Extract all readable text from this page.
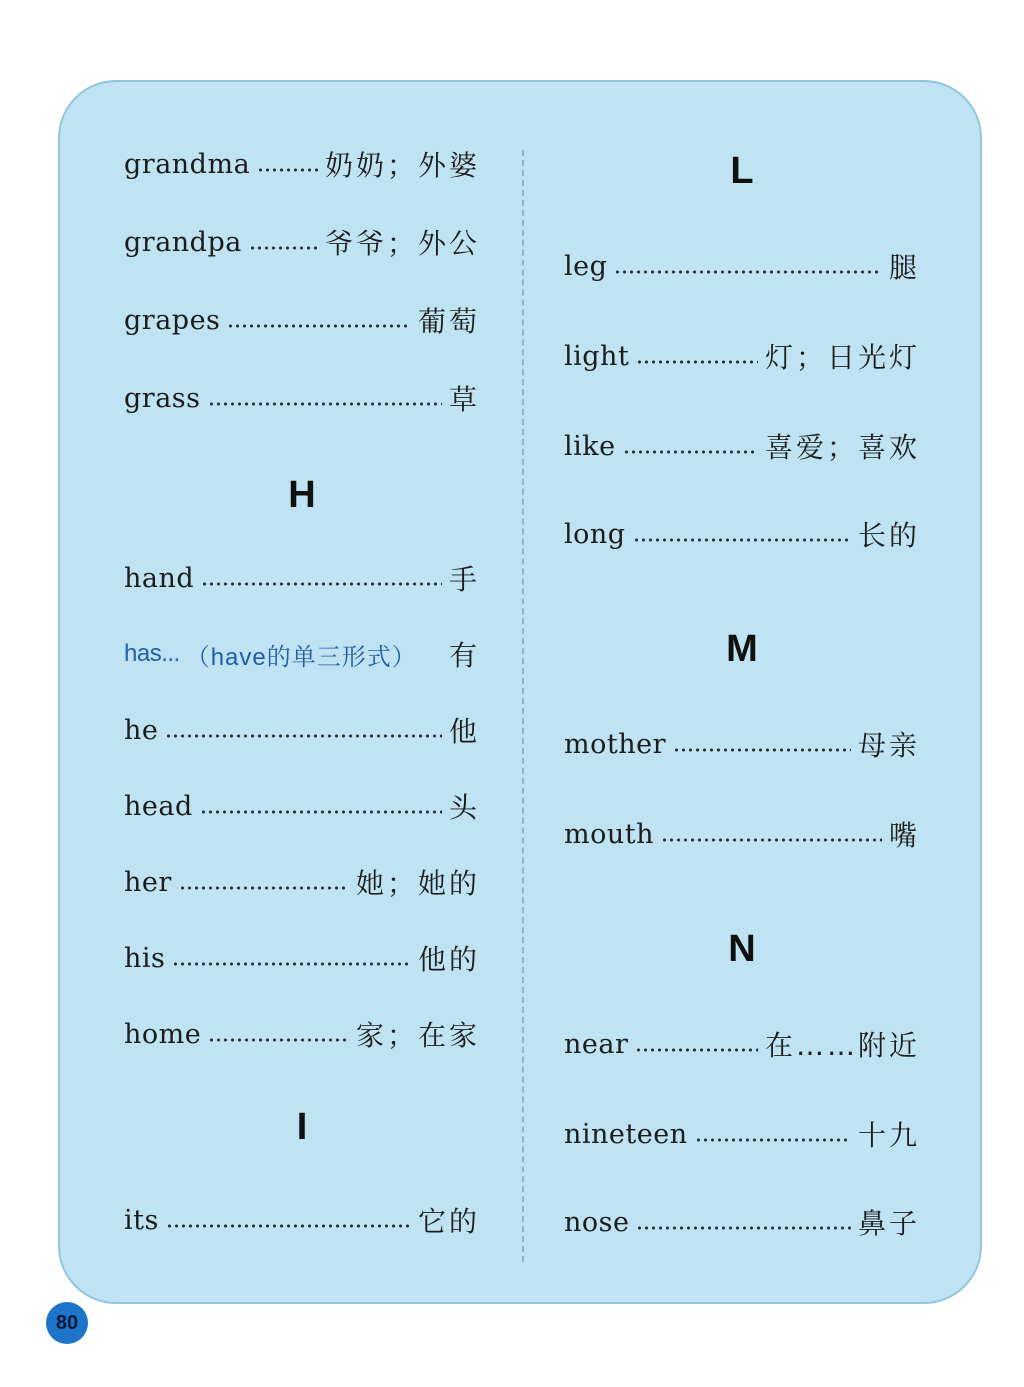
grandma	奶奶；外婆
grandpa	爷爷；外公
grapes	葡萄
grass	草
H
hand	手
has... （have的单三形式） 有
he	他
head	头
her	她；她的
his	他的
home	家；在家
I
its	它的
L
leg	腿
light	灯；日光灯
like	喜爱；喜欢
long	长的
M
mother	母亲
mouth	嘴
N
near	在……附近
nineteen	十九
nose	鼻子
80
